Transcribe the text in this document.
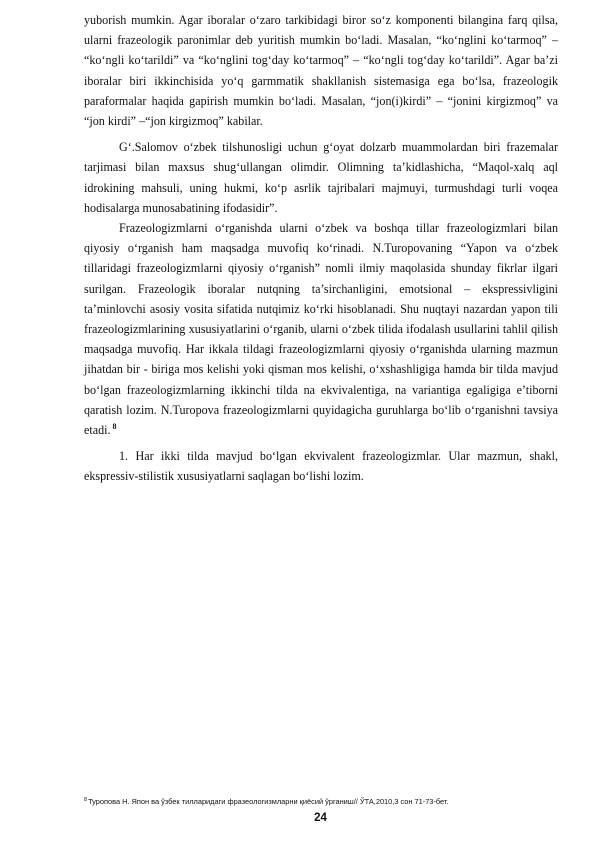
yuborish mumkin. Agar iboralar o‘zaro tarkibidagi biror so‘z komponenti bilangina farq qilsa, ularni frazeologik paronimlar deb yuritish mumkin bo‘ladi. Masalan, “ko‘nglini ko‘tarmoq” – “ko‘ngli ko‘tarildi” va “ko‘nglini tog‘day ko‘tarmoq” – “ko‘ngli tog‘day ko‘tarildi”. Agar ba’zi iboralar biri ikkinchisida yo‘q garmmatik shakllanish sistemasiga ega bo‘lsa, frazeologik paraformalar haqida gapirish mumkin bo‘ladi. Masalan, “jon(i)kirdi” – “jonini kirgizmoq” va “jon kirdi” –“jon kirgizmoq” kabilar.

G‘.Salomov o‘zbek tilshunosligi uchun g‘oyat dolzarb muammolardan biri frazemalar tarjimasi bilan maxsus shug‘ullangan olimdir. Olimning ta’kidlashicha, “Maqol-xalq aql idrokining mahsuli, uning hukmi, ko‘p asrlik tajribalari majmuyi, turmushdagi turli voqea hodisalarga munosabatining ifodasidir”.

Frazeologizmlarni o‘rganishda ularni o‘zbek va boshqa tillar frazeologizmlari bilan qiyosiy o‘rganish ham maqsadga muvofiq ko‘rinadi. N.Turopovaning “Yapon va o‘zbek tillaridagi frazeologizmlarni qiyosiy o‘rganish” nomli ilmiy maqolasida shunday fikrlar ilgari surilgan. Frazeologik iboralar nutqning ta’sirchanligini, emotsional – ekspressivligini ta’minlovchi asosiy vosita sifatida nutqimiz ko‘rki hisoblanadi. Shu nuqtayi nazardan yapon tili frazeologizmlarining xususiyatlarini o‘rganib, ularni o‘zbek tilida ifodalash usullarini tahlil qilish maqsadga muvofiq. Har ikkala tildagi frazeologizmlarni qiyosiy o‘rganishda ularning mazmun jihatdan bir - biriga mos kelishi yoki qisman mos kelishi, o‘xshashligiga hamda bir tilda mavjud bo‘lgan frazeologizmlarning ikkinchi tilda na ekvivalentiga, na variantiga egaligiga e’tiborni qaratish lozim. N.Turopova frazeologizmlarni quyidagicha guruhlarga bo‘lib o‘rganishni tavsiya etadi. $^8$

1. Har ikki tilda mavjud bo‘lgan ekvivalent frazeologizmlar. Ular mazmun, shakl, ekspressiv-stilistik xususiyatlarni saqlagan bo‘lishi lozim.

$^8$Туропова Н. Япон ва ўзбек тилларидаги фразеологизмларни қиёсий ўрганиш// ЎТА,2010,3 сон 71-73-бет.
24
